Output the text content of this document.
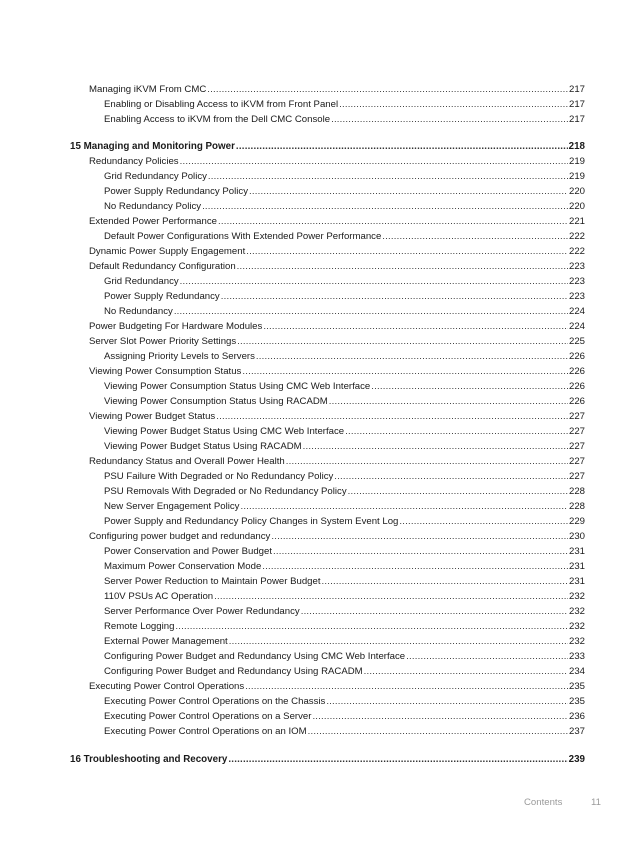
Managing iKVM From CMC .....	217
Enabling or Disabling Access to iKVM from Front Panel .....	217
Enabling Access to iKVM from the Dell CMC Console .....	217
15 Managing and Monitoring Power .....	218
Redundancy Policies .....	219
Grid Redundancy Policy .....	219
Power Supply Redundancy Policy .....	220
No Redundancy Policy .....	220
Extended Power Performance .....	221
Default Power Configurations With Extended Power Performance .....	222
Dynamic Power Supply Engagement .....	222
Default Redundancy Configuration .....	223
Grid Redundancy .....	223
Power Supply Redundancy .....	223
No Redundancy .....	224
Power Budgeting For Hardware Modules .....	224
Server Slot Power Priority Settings .....	225
Assigning Priority Levels to Servers .....	226
Viewing Power Consumption Status .....	226
Viewing Power Consumption Status Using CMC Web Interface .....	226
Viewing Power Consumption Status Using RACADM .....	226
Viewing Power Budget Status .....	227
Viewing Power Budget Status Using CMC Web Interface .....	227
Viewing Power Budget Status Using RACADM .....	227
Redundancy Status and Overall Power Health .....	227
PSU Failure With Degraded or No Redundancy Policy .....	227
PSU Removals With Degraded or No Redundancy Policy .....	228
New Server Engagement Policy .....	228
Power Supply and Redundancy Policy Changes in System Event Log .....	229
Configuring power budget and redundancy .....	230
Power Conservation and Power Budget .....	231
Maximum Power Conservation Mode .....	231
Server Power Reduction to Maintain Power Budget .....	231
110V PSUs AC Operation .....	232
Server Performance Over Power Redundancy .....	232
Remote Logging .....	232
External Power Management .....	232
Configuring Power Budget and Redundancy Using CMC Web Interface .....	233
Configuring Power Budget and Redundancy Using RACADM .....	234
Executing Power Control Operations .....	235
Executing Power Control Operations on the Chassis .....	235
Executing Power Control Operations on a Server .....	236
Executing Power Control Operations on an IOM .....	237
16 Troubleshooting and Recovery .....	239
Contents	11
